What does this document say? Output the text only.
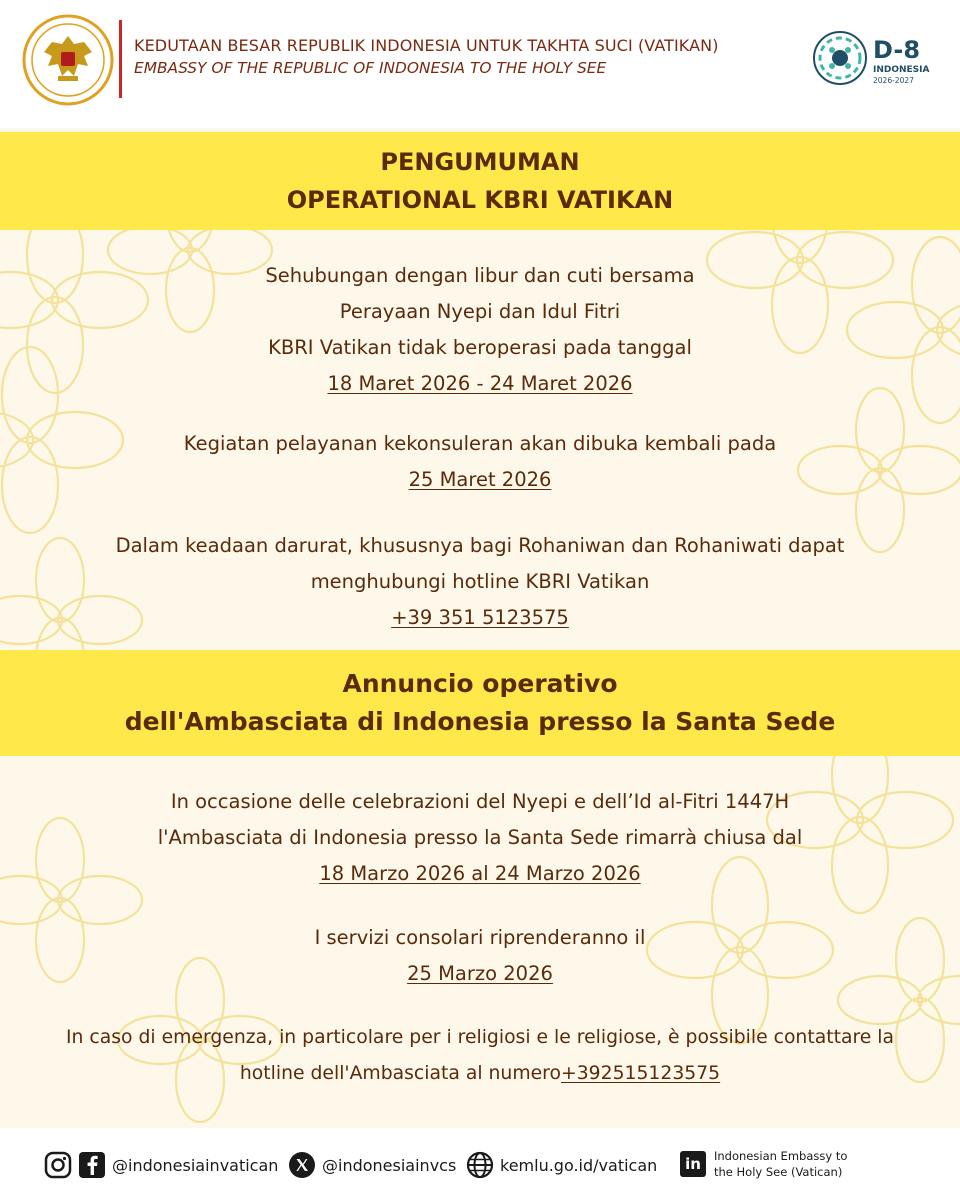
KEDUTAAN BESAR REPUBLIK INDONESIA UNTUK TAKHTA SUCI (VATIKAN)
EMBASSY OF THE REPUBLIC OF INDONESIA TO THE HOLY SEE
D-8
INDONESIA
2026-2027
PENGUMUMAN
OPERATIONAL KBRI VATIKAN
Sehubungan dengan libur dan cuti bersama
Perayaan Nyepi dan Idul Fitri
KBRI Vatikan tidak beroperasi pada tanggal
18 Maret 2026 - 24 Maret 2026
Kegiatan pelayanan kekonsuleran akan dibuka kembali pada
25 Maret 2026
Dalam keadaan darurat, khususnya bagi Rohaniwan dan Rohaniwati dapat
menghubungi hotline KBRI Vatikan
+39 351 5123575
Annuncio operativo
dell'Ambasciata di Indonesia presso la Santa Sede
In occasione delle celebrazioni del Nyepi e dell’Id al-Fitri 1447H
l'Ambasciata di Indonesia presso la Santa Sede rimarrà chiusa dal
18 Marzo 2026 al 24 Marzo 2026
I servizi consolari riprenderanno il
25 Marzo 2026
In caso di emergenza, in particolare per i religiosi e le religiose, è possibile contattare la
hotline dell'Ambasciata al numero+392515123575
@indonesiainvatican	@indonesiainvcs	kemlu.go.id/vatican	in	Indonesian Embassy to
the Holy See (Vatican)
